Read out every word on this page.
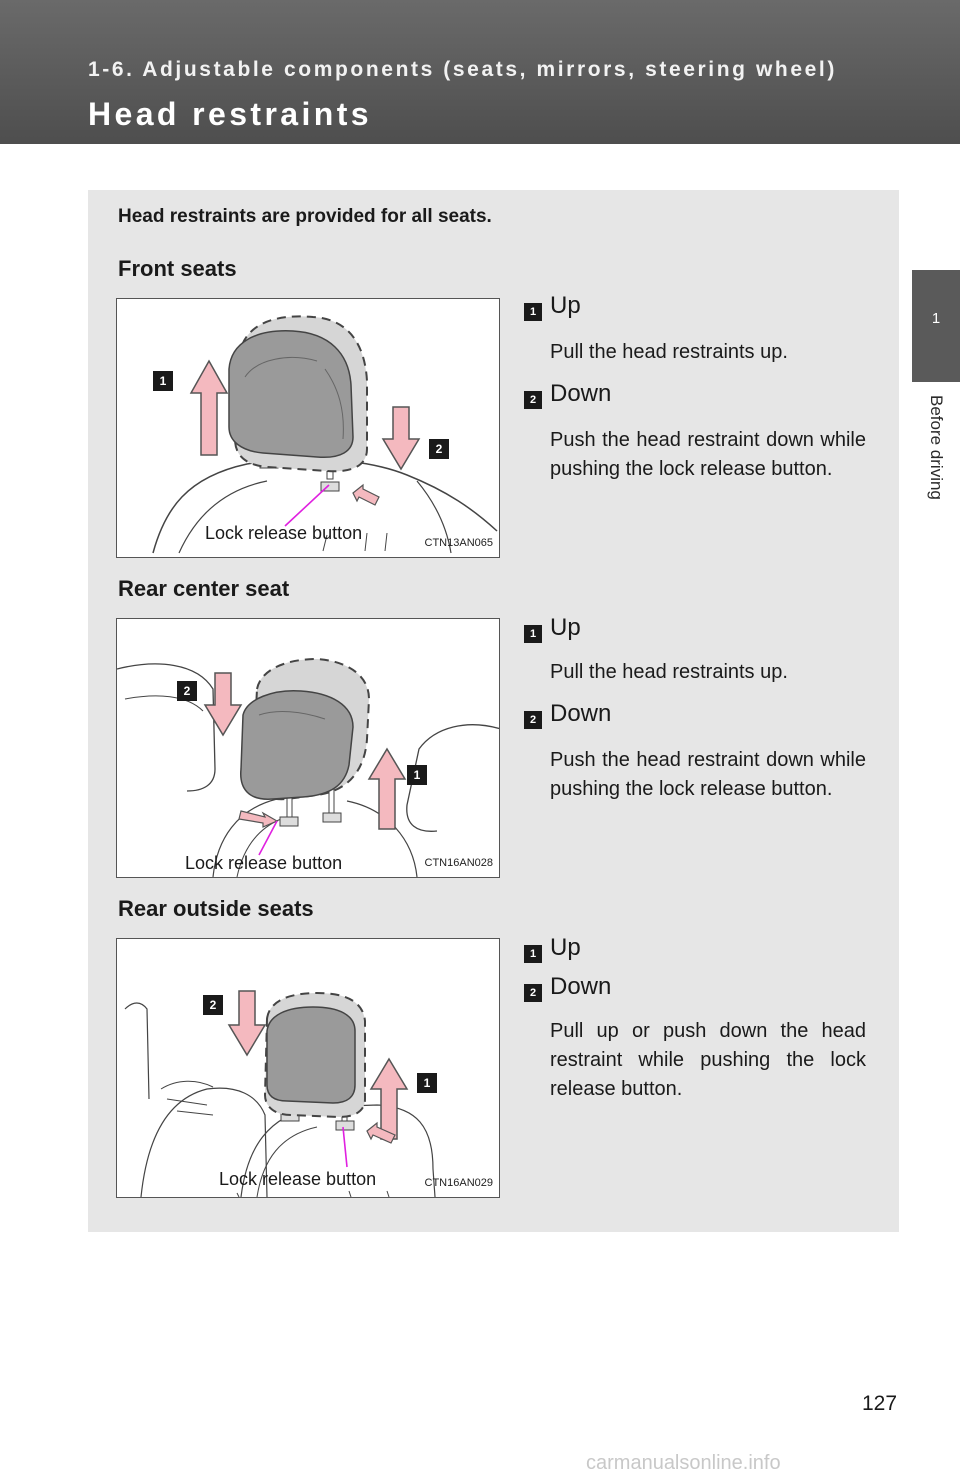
1-6. Adjustable components (seats, mirrors, steering wheel)
Head restraints
1
Before driving
Head restraints are provided for all seats.
Front seats
1
2
Lock release button	CTN13AN065
1 Up
Pull the head restraints up.
2 Down
Push the head restraint down while pushing the lock release button.
Rear center seat
2
1
Lock release button	CTN16AN028
1 Up
Pull the head restraints up.
2 Down
Push the head restraint down while pushing the lock release button.
Rear outside seats
2
1
Lock release button	CTN16AN029
1 Up
2 Down
Pull up or push down the head restraint while pushing the lock release button.
127
carmanualsonline.info
